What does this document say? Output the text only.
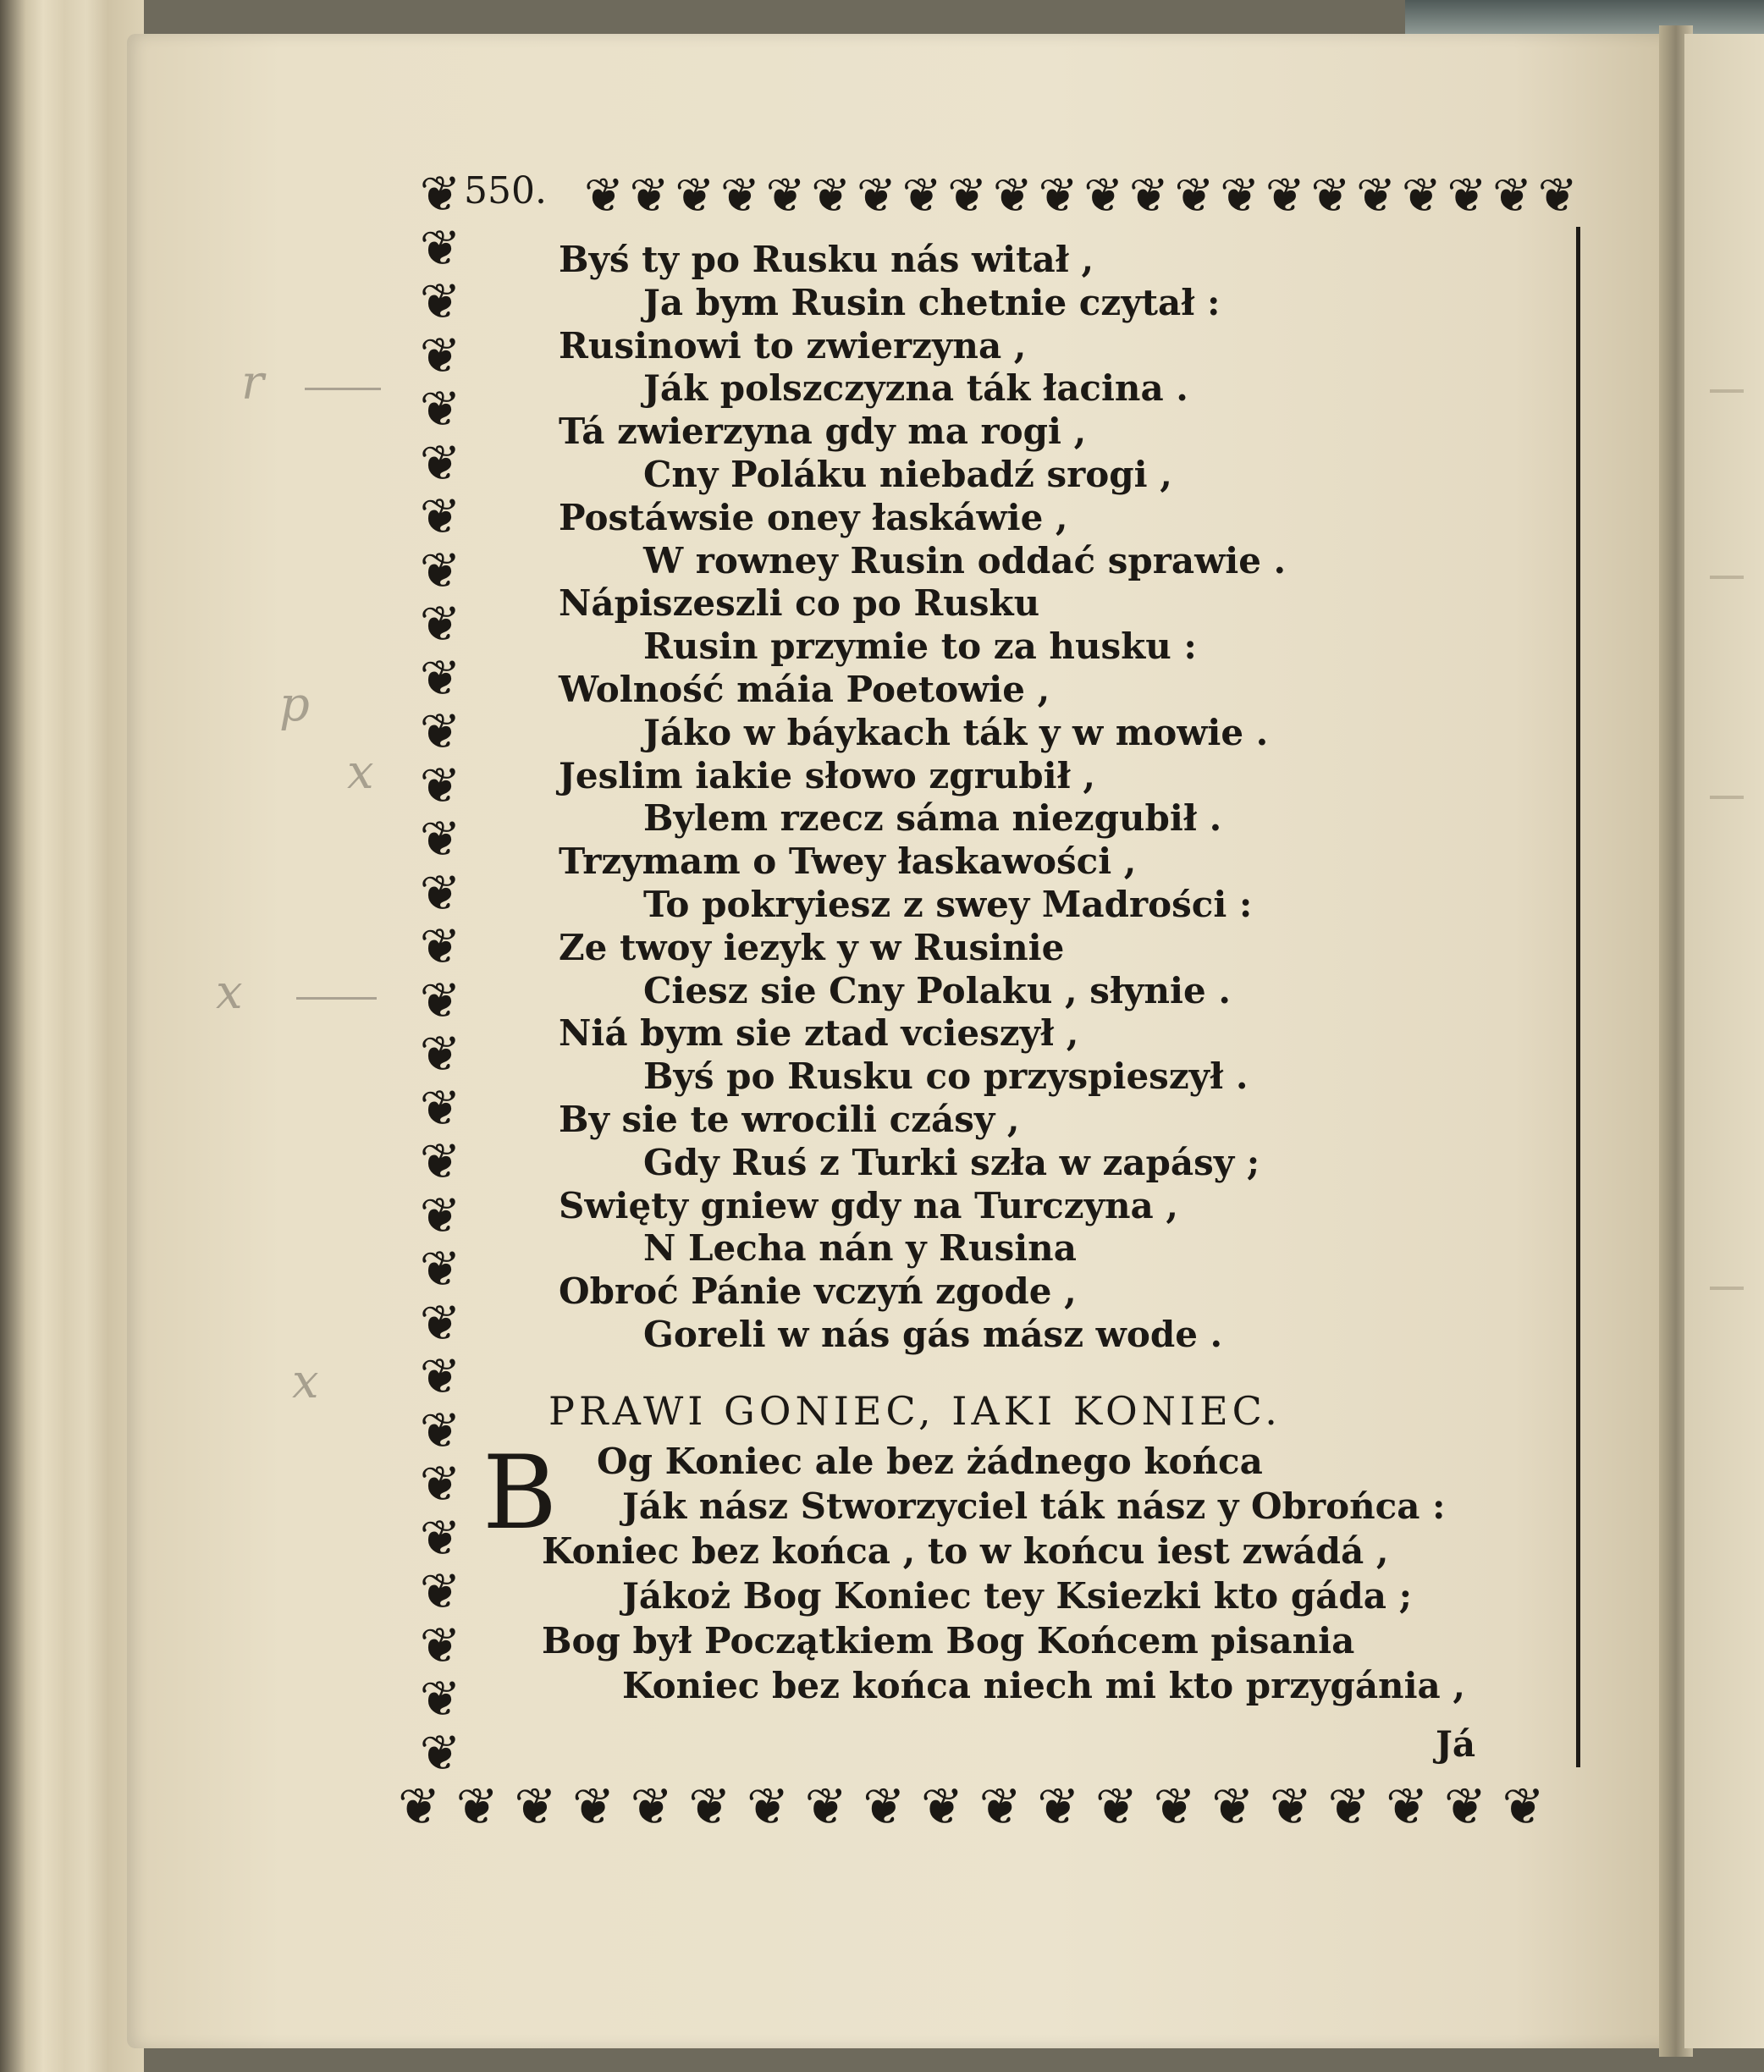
r
p
x
x
x
550. ❦ ❦ ❦ ❦ ❦ ❦ ❦ ❦ ❦ ❦ ❦ ❦ ❦ ❦ ❦ ❦ ❦ ❦ ❦ ❦ ❦ ❦
❦
❦
❦
❦
❦
❦
❦
❦
❦
❦
❦
❦
❦
❦
❦
❦
❦
❦
❦
❦
❦
❦
❦
❦
❦
❦
❦
❦
❦
❦
❦ ❦ ❦ ❦ ❦ ❦ ❦ ❦ ❦ ❦ ❦ ❦ ❦ ❦ ❦ ❦ ❦ ❦ ❦ ❦
Byś ty po Rusku nás witał ,
Ja bym Rusin chetnie czytał :
Rusinowi to zwierzyna ,
Ják polszczyzna ták łacina .
Tá zwierzyna gdy ma rogi ,
Cny Poláku niebadź srogi ,
Postáwsie oney łaskáwie ,
W rowney Rusin oddać sprawie .
Nápiszeszli co po Rusku
Rusin przymie to za husku :
Wolność máia Poetowie ,
Jáko w báykach ták y w mowie .
Jeslim iakie słowo zgrubił ,
Bylem rzecz sáma niezgubił .
Trzymam o Twey łaskawości ,
To pokryiesz z swey Madrości :
Ze twoy iezyk y w Rusinie
Ciesz sie Cny Polaku , słynie .
Niá bym sie ztad vcieszył ,
Byś po Rusku co przyspieszył .
By sie te wrocili czásy ,
Gdy Ruś z Turki szła w zapásy ;
Swięty gniew gdy na Turczyna ,
N Lecha nán y Rusina
Obroć Pánie vczyń zgode ,
Goreli w nás gás mász wode .
PRAWI GONIEC, IAKI KONIEC.
B	Og Koniec ale bez żádnego końca
Ják nász Stworzyciel ták nász y Obrońca :
Koniec bez końca , to w końcu iest zwádá ,
Jákoż Bog Koniec tey Ksiezki kto gáda ;
Bog był Początkiem Bog Końcem pisania
Koniec bez końca niech mi kto przygánia ,
Já
